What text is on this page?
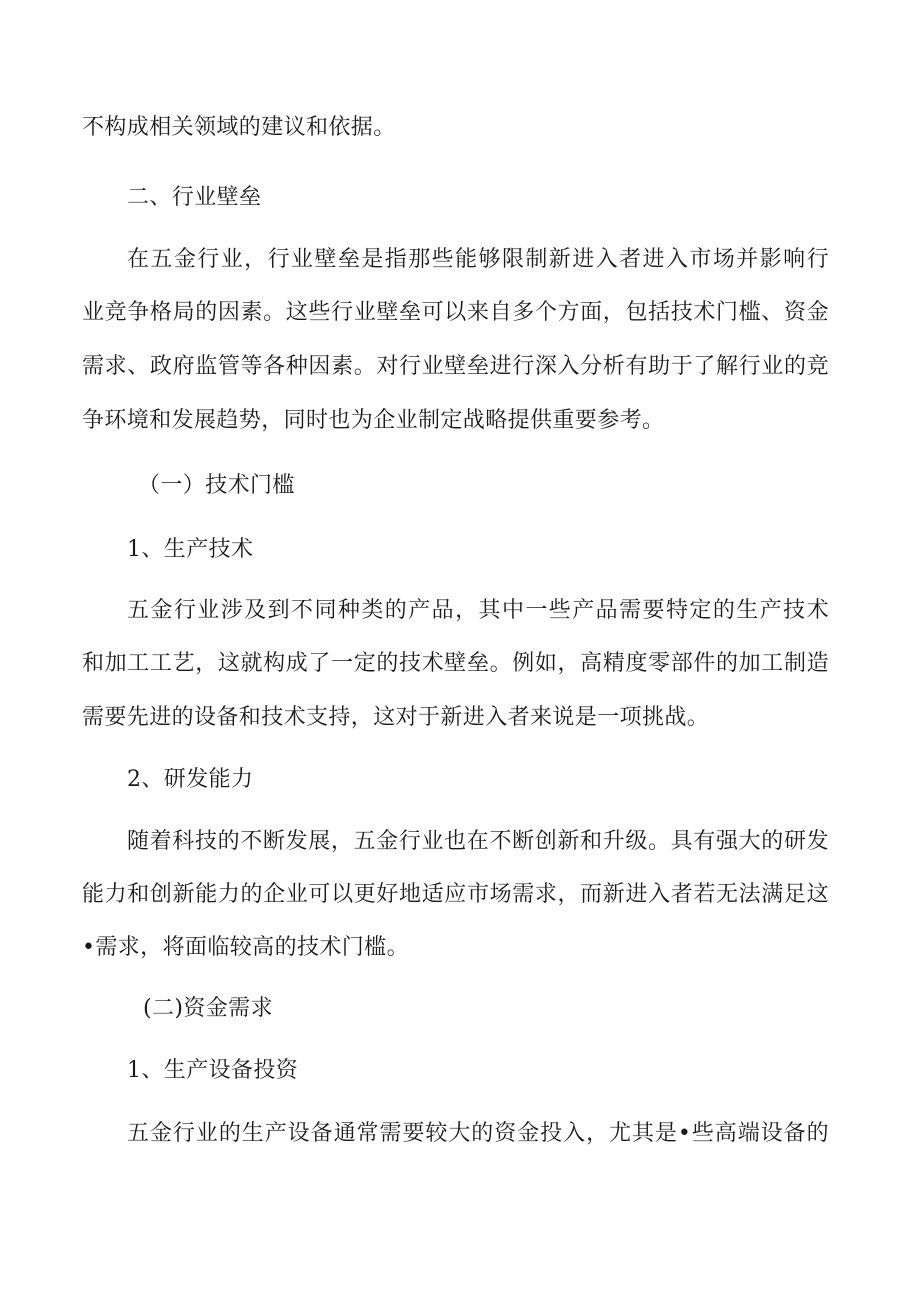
不构成相关领域的建议和依据。
二、行业壁垒
在五金行业，行业壁垒是指那些能够限制新进入者进入市场并影响行
业竞争格局的因素。这些行业壁垒可以来自多个方面，包括技术门槛、资金
需求、政府监管等各种因素。对行业壁垒进行深入分析有助于了解行业的竞
争环境和发展趋势，同时也为企业制定战略提供重要参考。
（一）技术门槛
1、生产技术
五金行业涉及到不同种类的产品，其中一些产品需要特定的生产技术
和加工工艺，这就构成了一定的技术壁垒。例如，高精度零部件的加工制造
需要先进的设备和技术支持，这对于新进入者来说是一项挑战。
2、研发能力
随着科技的不断发展，五金行业也在不断创新和升级。具有强大的研发
能力和创新能力的企业可以更好地适应市场需求，而新进入者若无法满足这
•需求，将面临较高的技术门槛。
(二)资金需求
1、生产设备投资
五金行业的生产设备通常需要较大的资金投入，尤其是•些高端设备的
